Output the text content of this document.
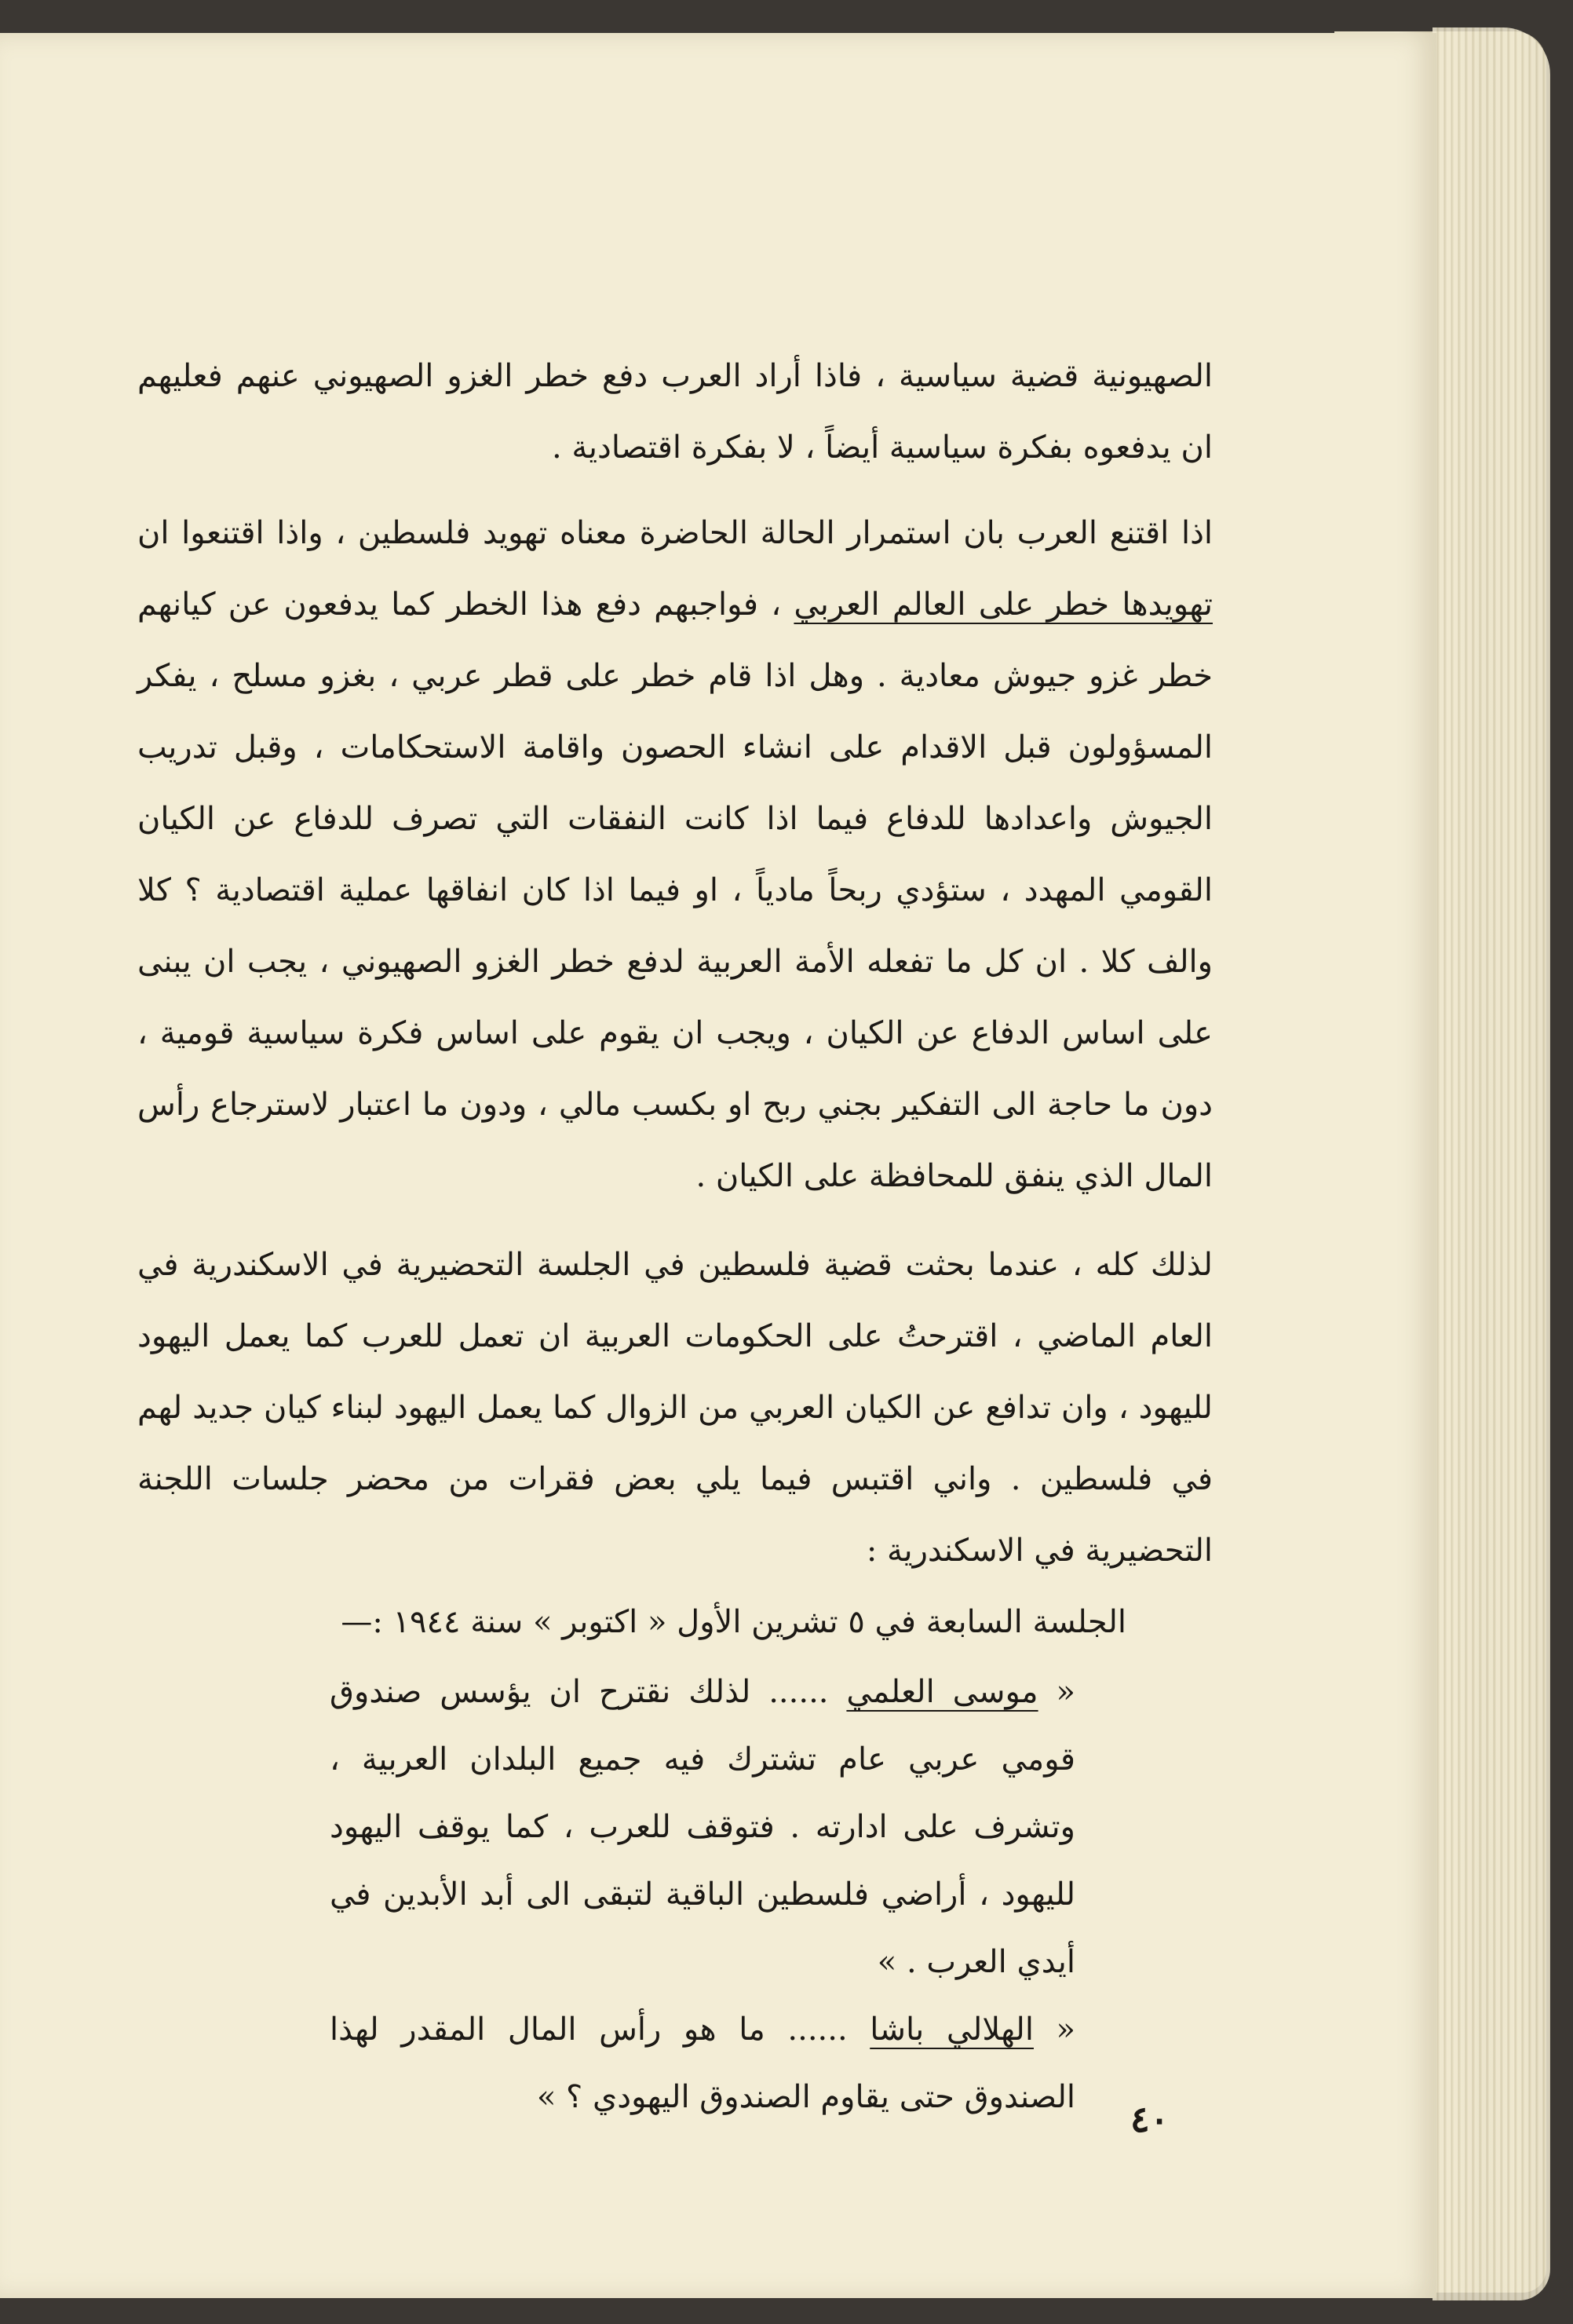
الصهيونية قضية سياسية ، فاذا أراد العرب دفع خطر الغزو الصهيوني عنهم فعليهم ان يدفعوه بفكرة سياسية أيضاً ، لا بفكرة اقتصادية .

اذا اقتنع العرب بان استمرار الحالة الحاضرة معناه تهويد فلسطين ، واذا اقتنعوا ان تهويدها خطر على العالم العربي ، فواجبهم دفع هذا الخطر كما يدفعون عن كيانهم خطر غزو جيوش معادية . وهل اذا قام خطر على قطر عربي ، بغزو مسلح ، يفكر المسؤولون قبل الاقدام على انشاء الحصون واقامة الاستحكامات ، وقبل تدريب الجيوش واعدادها للدفاع فيما اذا كانت النفقات التي تصرف للدفاع عن الكيان القومي المهدد ، ستؤدي ربحاً مادياً ، او فيما اذا كان انفاقها عملية اقتصادية ؟ كلا والف كلا . ان كل ما تفعله الأمة العربية لدفع خطر الغزو الصهيوني ، يجب ان يبنى على اساس الدفاع عن الكيان ، ويجب ان يقوم على اساس فكرة سياسية قومية ، دون ما حاجة الى التفكير بجني ربح او بكسب مالي ، ودون ما اعتبار لاسترجاع رأس المال الذي ينفق للمحافظة على الكيان .

لذلك كله ، عندما بحثت قضية فلسطين في الجلسة التحضيرية في الاسكندرية في العام الماضي ، اقترحتُ على الحكومات العربية ان تعمل للعرب كما يعمل اليهود لليهود ، وان تدافع عن الكيان العربي من الزوال كما يعمل اليهود لبناء كيان جديد لهم في فلسطين . واني اقتبس فيما يلي بعض فقرات من محضر جلسات اللجنة التحضيرية في الاسكندرية :

الجلسة السابعة في ٥ تشرين الأول « اكتوبر » سنة ١٩٤٤ :—

« موسى العلمي ...... لذلك نقترح ان يؤسس صندوق قومي عربي عام تشترك فيه جميع البلدان العربية ، وتشرف على ادارته . فتوقف للعرب ، كما يوقف اليهود لليهود ، أراضي فلسطين الباقية لتبقى الى أبد الأبدين في أيدي العرب . »

« الهلالي باشا ...... ما هو رأس المال المقدر لهذا الصندوق حتى يقاوم الصندوق اليهودي ؟ »

٤٠
